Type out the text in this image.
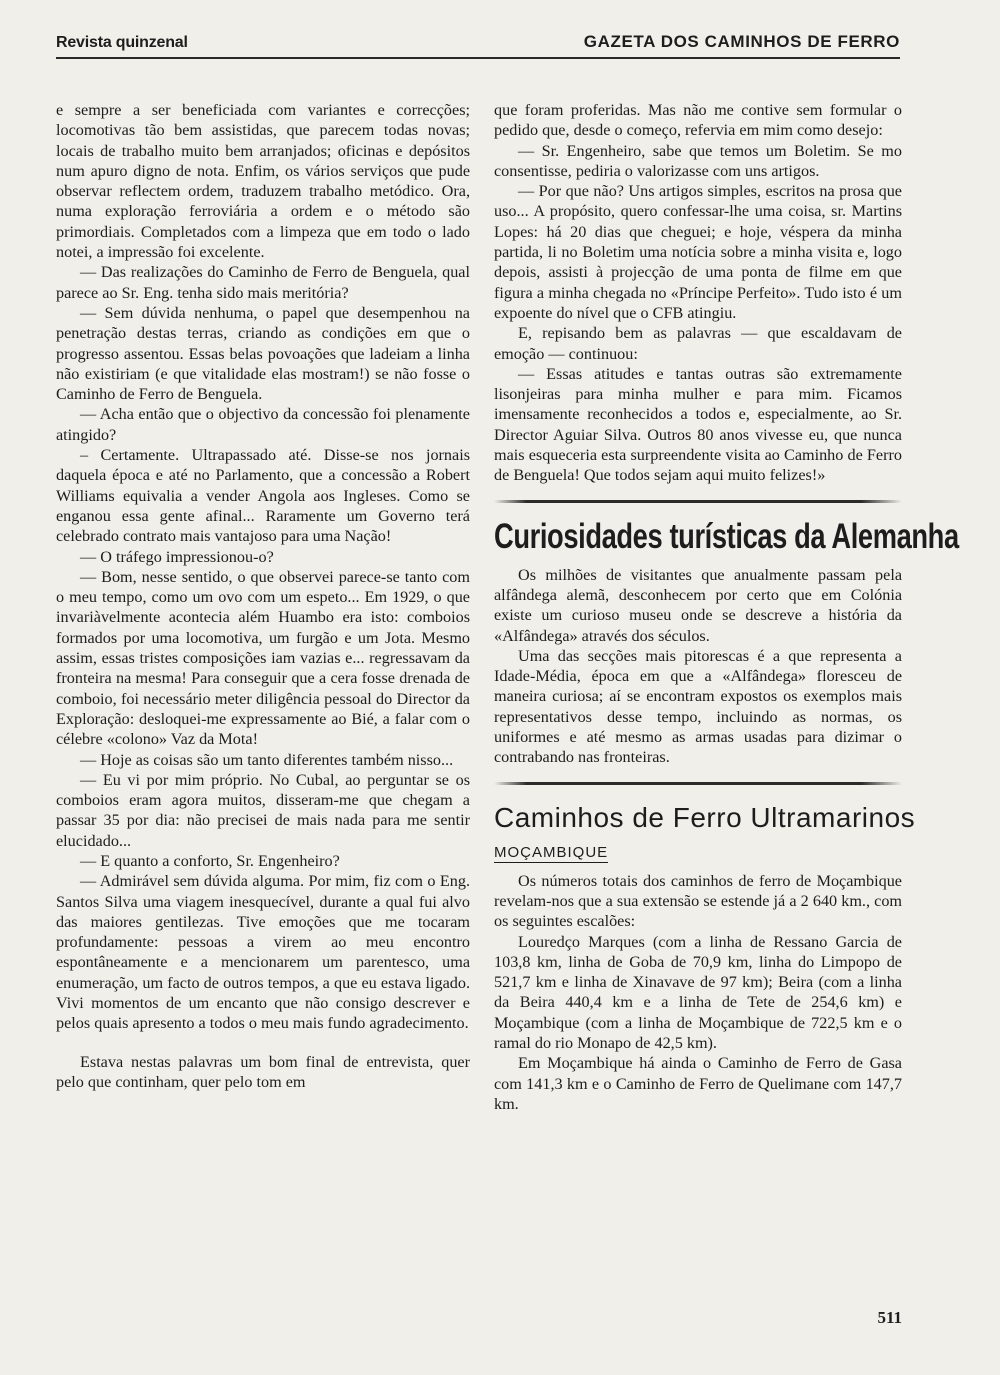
Revista quinzenal	GAZETA DOS CAMINHOS DE FERRO

e sempre a ser beneficiada com variantes e correcções; locomotivas tão bem assistidas, que parecem todas novas; locais de trabalho muito bem arranjados; oficinas e depósitos num apuro digno de nota. Enfim, os vários serviços que pude observar reflectem ordem, traduzem trabalho metódico. Ora, numa exploração ferroviária a ordem e o método são primordiais. Completados com a limpeza que em todo o lado notei, a impressão foi excelente.

— Das realizações do Caminho de Ferro de Benguela, qual parece ao Sr. Eng. tenha sido mais meritória?

— Sem dúvida nenhuma, o papel que desempenhou na penetração destas terras, criando as condições em que o progresso assentou. Essas belas povoações que ladeiam a linha não existiriam (e que vitalidade elas mostram!) se não fosse o Caminho de Ferro de Benguela.

— Acha então que o objectivo da concessão foi plenamente atingido?

– Certamente. Ultrapassado até. Disse-se nos jornais daquela época e até no Parlamento, que a concessão a Robert Williams equivalia a vender Angola aos Ingleses. Como se enganou essa gente afinal... Raramente um Governo terá celebrado contrato mais vantajoso para uma Nação!

— O tráfego impressionou-o?

— Bom, nesse sentido, o que observei parece-se tanto com o meu tempo, como um ovo com um espeto... Em 1929, o que invariàvelmente acontecia além Huambo era isto: comboios formados por uma locomotiva, um furgão e um Jota. Mesmo assim, essas tristes composições iam vazias e... regressavam da fronteira na mesma! Para conseguir que a cera fosse drenada de comboio, foi necessário meter diligência pessoal do Director da Exploração: desloquei-me expressamente ao Bié, a falar com o célebre «colono» Vaz da Mota!

— Hoje as coisas são um tanto diferentes também nisso...

— Eu vi por mim próprio. No Cubal, ao perguntar se os comboios eram agora muitos, disseram-me que chegam a passar 35 por dia: não precisei de mais nada para me sentir elucidado...

— E quanto a conforto, Sr. Engenheiro?

— Admirável sem dúvida alguma. Por mim, fiz com o Eng. Santos Silva uma viagem inesquecível, durante a qual fui alvo das maiores gentilezas. Tive emoções que me tocaram profundamente: pessoas a virem ao meu encontro espontâneamente e a mencionarem um parentesco, uma enumeração, um facto de outros tempos, a que eu estava ligado. Vivi momentos de um encanto que não consigo descrever e pelos quais apresento a todos o meu mais fundo agradecimento.

Estava nestas palavras um bom final de entrevista, quer pelo que continham, quer pelo tom em

que foram proferidas. Mas não me contive sem formular o pedido que, desde o começo, refervia em mim como desejo:

— Sr. Engenheiro, sabe que temos um Boletim. Se mo consentisse, pediria o valorizasse com uns artigos.

— Por que não? Uns artigos simples, escritos na prosa que uso... A propósito, quero confessar-lhe uma coisa, sr. Martins Lopes: há 20 dias que cheguei; e hoje, véspera da minha partida, li no Boletim uma notícia sobre a minha visita e, logo depois, assisti à projecção de uma ponta de filme em que figura a minha chegada no «Príncipe Perfeito». Tudo isto é um expoente do nível que o CFB atingiu.

E, repisando bem as palavras — que escaldavam de emoção — continuou:

— Essas atitudes e tantas outras são extremamente lisonjeiras para minha mulher e para mim. Ficamos imensamente reconhecidos a todos e, especialmente, ao Sr. Director Aguiar Silva. Outros 80 anos vivesse eu, que nunca mais esqueceria esta surpreendente visita ao Caminho de Ferro de Benguela! Que todos sejam aqui muito felizes!»

Curiosidades turísticas da Alemanha

Os milhões de visitantes que anualmente passam pela alfândega alemã, desconhecem por certo que em Colónia existe um curioso museu onde se descreve a história da «Alfândega» através dos séculos.

Uma das secções mais pitorescas é a que representa a Idade-Média, época em que a «Alfândega» floresceu de maneira curiosa; aí se encontram expostos os exemplos mais representativos desse tempo, incluindo as normas, os uniformes e até mesmo as armas usadas para dizimar o contrabando nas fronteiras.

Caminhos de Ferro Ultramarinos
MOÇAMBIQUE

Os números totais dos caminhos de ferro de Moçambique revelam-nos que a sua extensão se estende já a 2 640 km., com os seguintes escalões:

Louredço Marques (com a linha de Ressano Garcia de 103,8 km, linha de Goba de 70,9 km, linha do Limpopo de 521,7 km e linha de Xinavave de 97 km); Beira (com a linha da Beira 440,4 km e a linha de Tete de 254,6 km) e Moçambique (com a linha de Moçambique de 722,5 km e o ramal do rio Monapo de 42,5 km).

Em Moçambique há ainda o Caminho de Ferro de Gasa com 141,3 km e o Caminho de Ferro de Quelimane com 147,7 km.

511
